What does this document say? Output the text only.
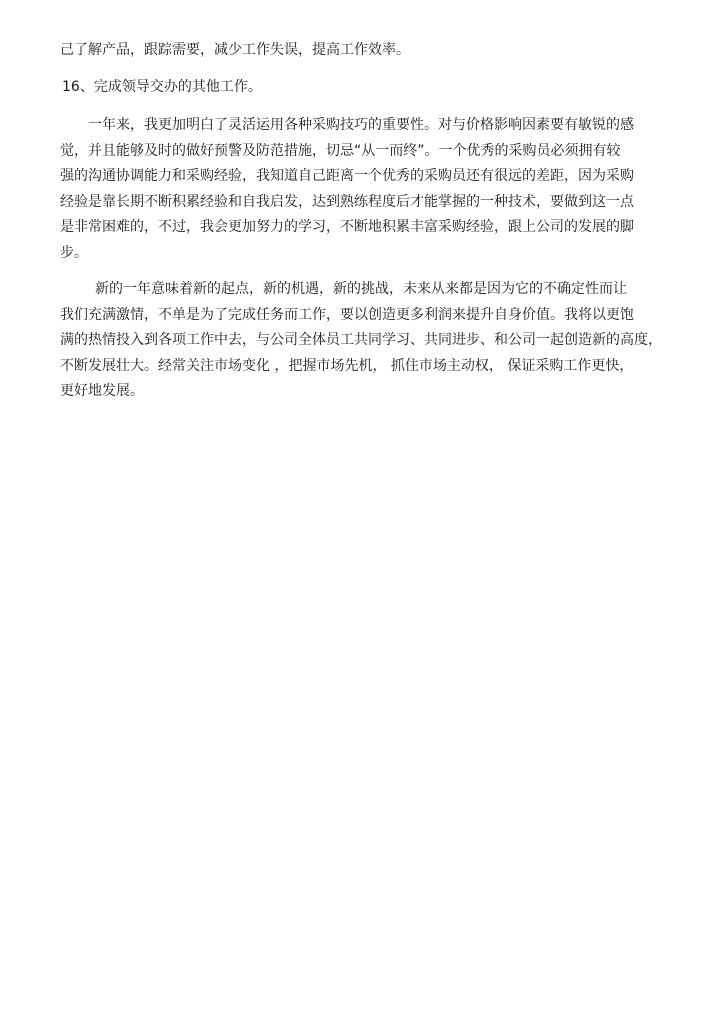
己了解产品，跟踪需要，减少工作失误，提高工作效率。

16、完成领导交办的其他工作。

一年来，我更加明白了灵活运用各种采购技巧的重要性。对与价格影响因素要有敏锐的感
觉，并且能够及时的做好预警及防范措施，切忌“从一而终”。一个优秀的采购员必须拥有较
强的沟通协调能力和采购经验，我知道自己距离一个优秀的采购员还有很远的差距，因为采购
经验是靠长期不断积累经验和自我启发，达到熟练程度后才能掌握的一种技术，要做到这一点
是非常困难的，不过，我会更加努力的学习，不断地积累丰富采购经验，跟上公司的发展的脚
步。

新的一年意味着新的起点，新的机遇，新的挑战，未来从来都是因为它的不确定性而让
我们充满激情，不单是为了完成任务而工作，要以创造更多利润来提升自身价值。我将以更饱
满的热情投入到各项工作中去，与公司全体员工共同学习、共同进步、和公司一起创造新的高度，
不断发展壮大。经常关注市场变化 ，把握市场先机， 抓住市场主动权， 保证采购工作更快，
更好地发展。
